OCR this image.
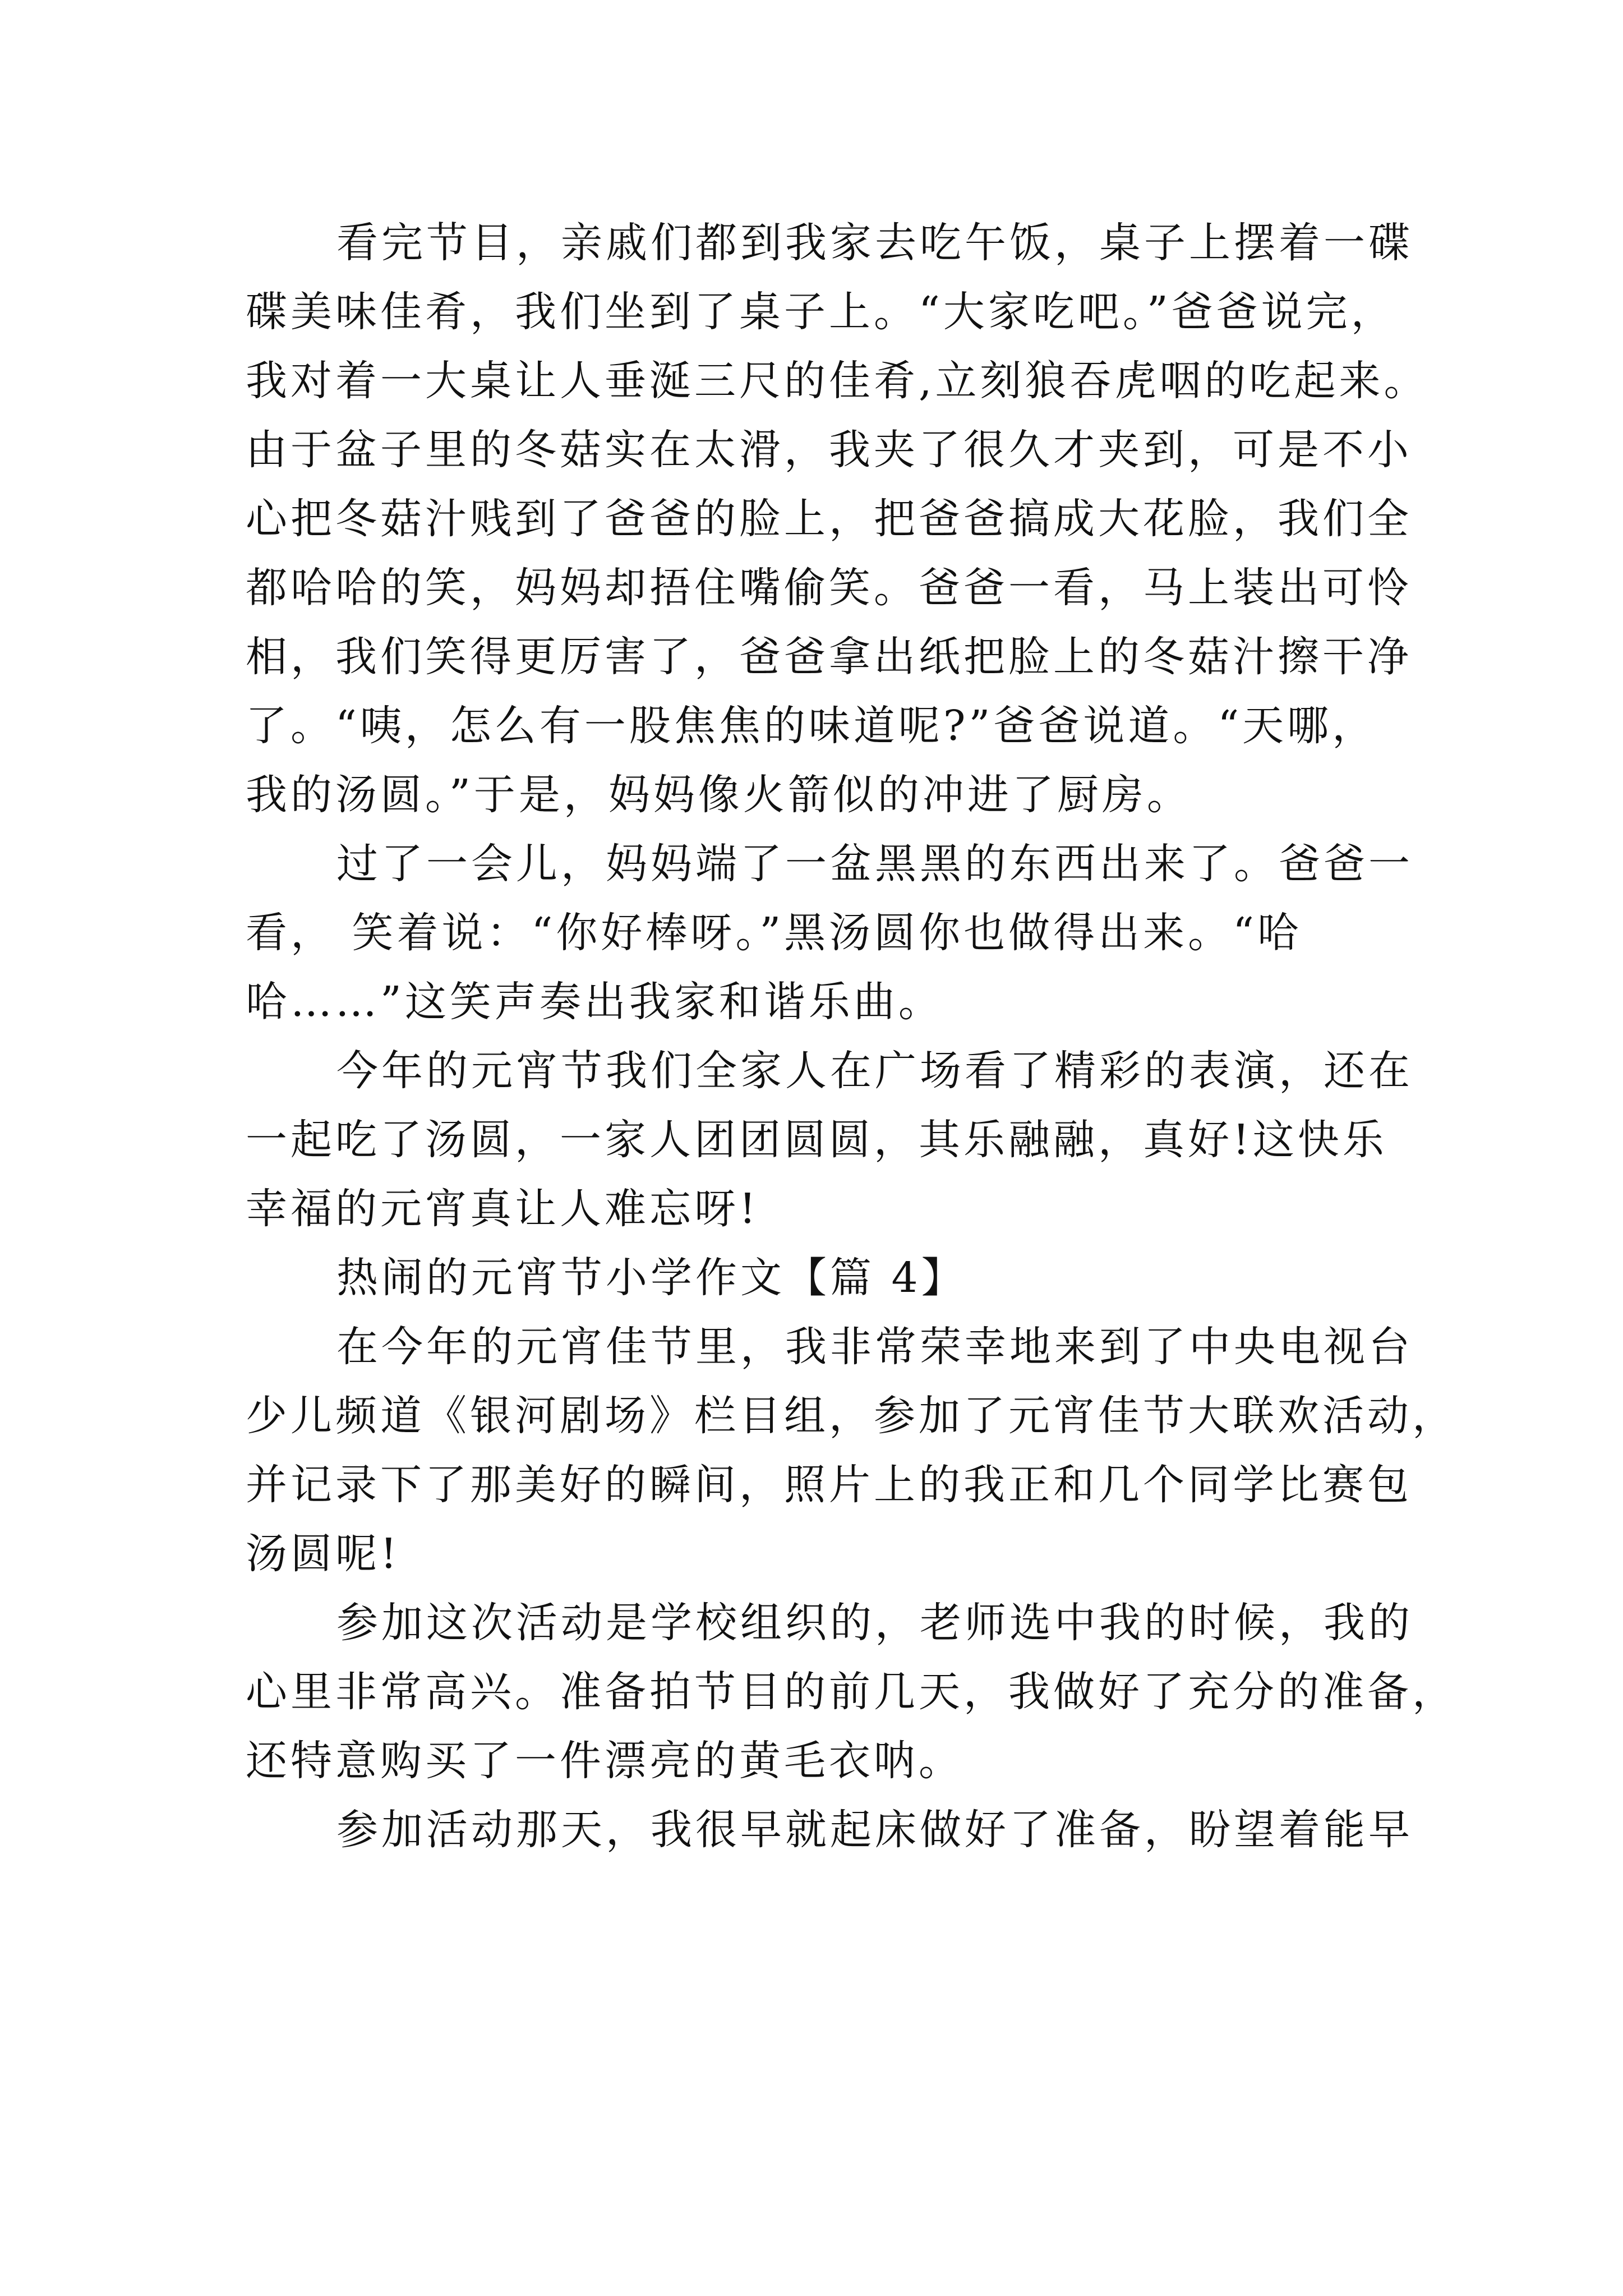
看完节目，亲戚们都到我家去吃午饭，桌子上摆着一碟
碟美味佳肴，我们坐到了桌子上。“大家吃吧。”爸爸说完，
我对着一大桌让人垂涎三尺的佳肴,立刻狼吞虎咽的吃起来。
由于盆子里的冬菇实在太滑，我夹了很久才夹到，可是不小
心把冬菇汁贱到了爸爸的脸上，把爸爸搞成大花脸，我们全
都哈哈的笑，妈妈却捂住嘴偷笑。爸爸一看，马上装出可怜
相，我们笑得更厉害了，爸爸拿出纸把脸上的冬菇汁擦干净
了。“咦，怎么有一股焦焦的味道呢?”爸爸说道。“天哪，
我的汤圆。”于是，妈妈像火箭似的冲进了厨房。
过了一会儿，妈妈端了一盆黑黑的东西出来了。爸爸一
看， 笑着说：“你好棒呀。”黑汤圆你也做得出来。“哈
哈……”这笑声奏出我家和谐乐曲。
今年的元宵节我们全家人在广场看了精彩的表演，还在
一起吃了汤圆，一家人团团圆圆，其乐融融，真好!这快乐
幸福的元宵真让人难忘呀!
热闹的元宵节小学作文【篇 4】
在今年的元宵佳节里，我非常荣幸地来到了中央电视台
少儿频道《银河剧场》栏目组，参加了元宵佳节大联欢活动，
并记录下了那美好的瞬间，照片上的我正和几个同学比赛包
汤圆呢!
参加这次活动是学校组织的，老师选中我的时候，我的
心里非常高兴。准备拍节目的前几天，我做好了充分的准备，
还特意购买了一件漂亮的黄毛衣呐。
参加活动那天，我很早就起床做好了准备，盼望着能早
